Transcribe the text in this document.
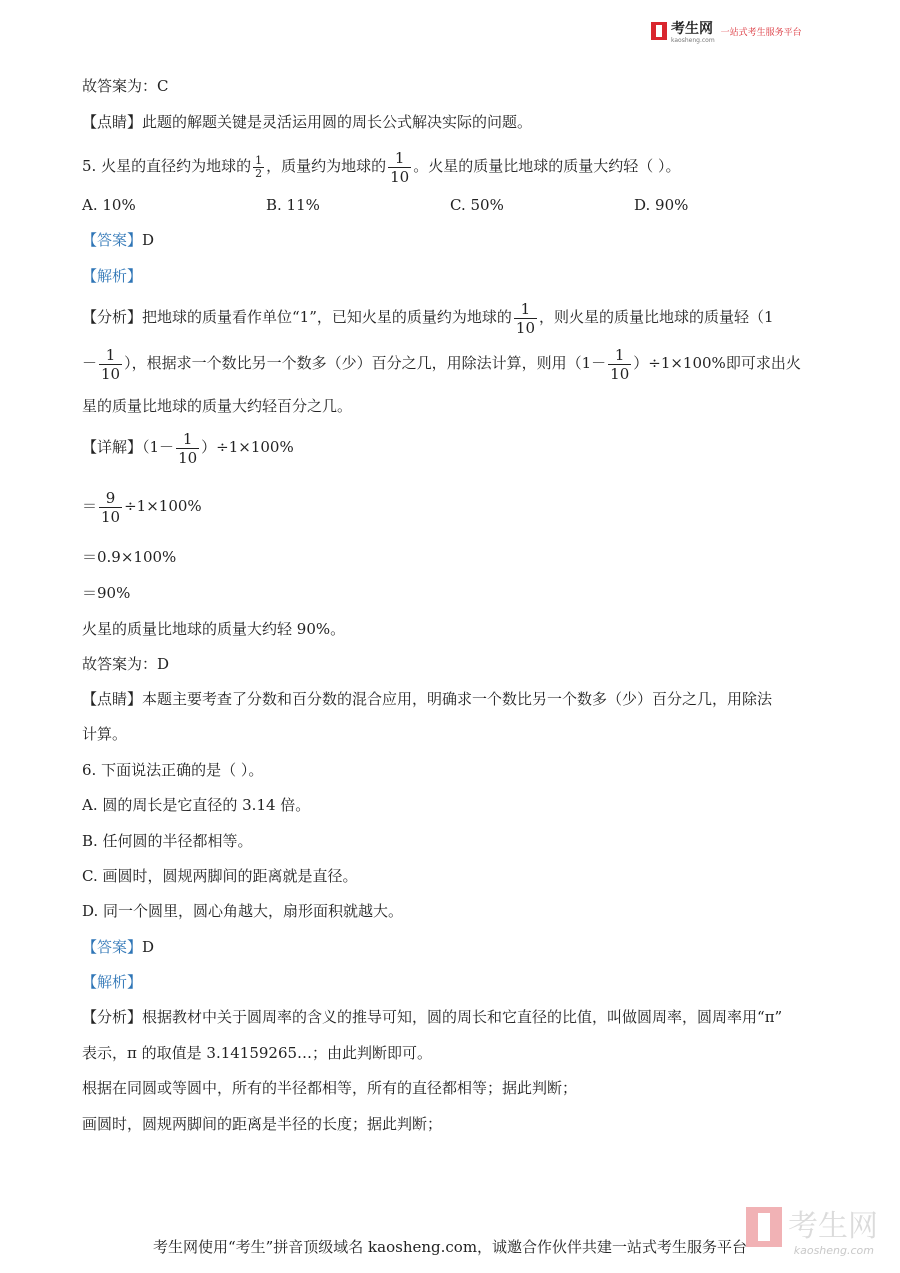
考生网
kaosheng.com
一站式考生服务平台
故答案为：C
【点睛】此题的解题关键是灵活运用圆的周长公式解决实际的问题。
5. 火星的直径约为地球的 $\frac{1}{2}$ ，质量约为地球的 $\frac{1}{10}$ 。火星的质量比地球的质量大约轻（ ）。
A. 10%	B. 11%	C. 50%	D. 90%
【答案】D
【解析】
【分析】把地球的质量看作单位“1”，已知火星的质量约为地球的 $\frac{1}{10}$ ，则火星的质量比地球的质量轻（1
－ $\frac{1}{10}$ ），根据求一个数比另一个数多（少）百分之几，用除法计算，则用$(1- \frac{1}{10} )\div 1\times 100\%$即可求出火
星的质量比地球的质量大约轻百分之几。
【详解】$(1- \frac{1}{10} )\div 1\times 100\%$
＝ $\frac{9}{10} \div 1\times 100\%$
＝0.9×100%
＝90%
火星的质量比地球的质量大约轻 90%。
故答案为：D
【点睛】本题主要考查了分数和百分数的混合应用，明确求一个数比另一个数多（少）百分之几，用除法
计算。
6. 下面说法正确的是（ ）。
A. 圆的周长是它直径的 3.14 倍。
B. 任何圆的半径都相等。
C. 画圆时，圆规两脚间的距离就是直径。
D. 同一个圆里，圆心角越大，扇形面积就越大。
【答案】D
【解析】
【分析】根据教材中关于圆周率的含义的推导可知，圆的周长和它直径的比值，叫做圆周率，圆周率用“π”
表示，π 的取值是 3.14159265…；由此判断即可。
根据在同圆或等圆中，所有的半径都相等，所有的直径都相等；据此判断；
画圆时，圆规两脚间的距离是半径的长度；据此判断；
考生网
kaosheng.com
考生网使用“考生”拼音顶级域名 kaosheng.com，诚邀合作伙伴共建一站式考生服务平台
